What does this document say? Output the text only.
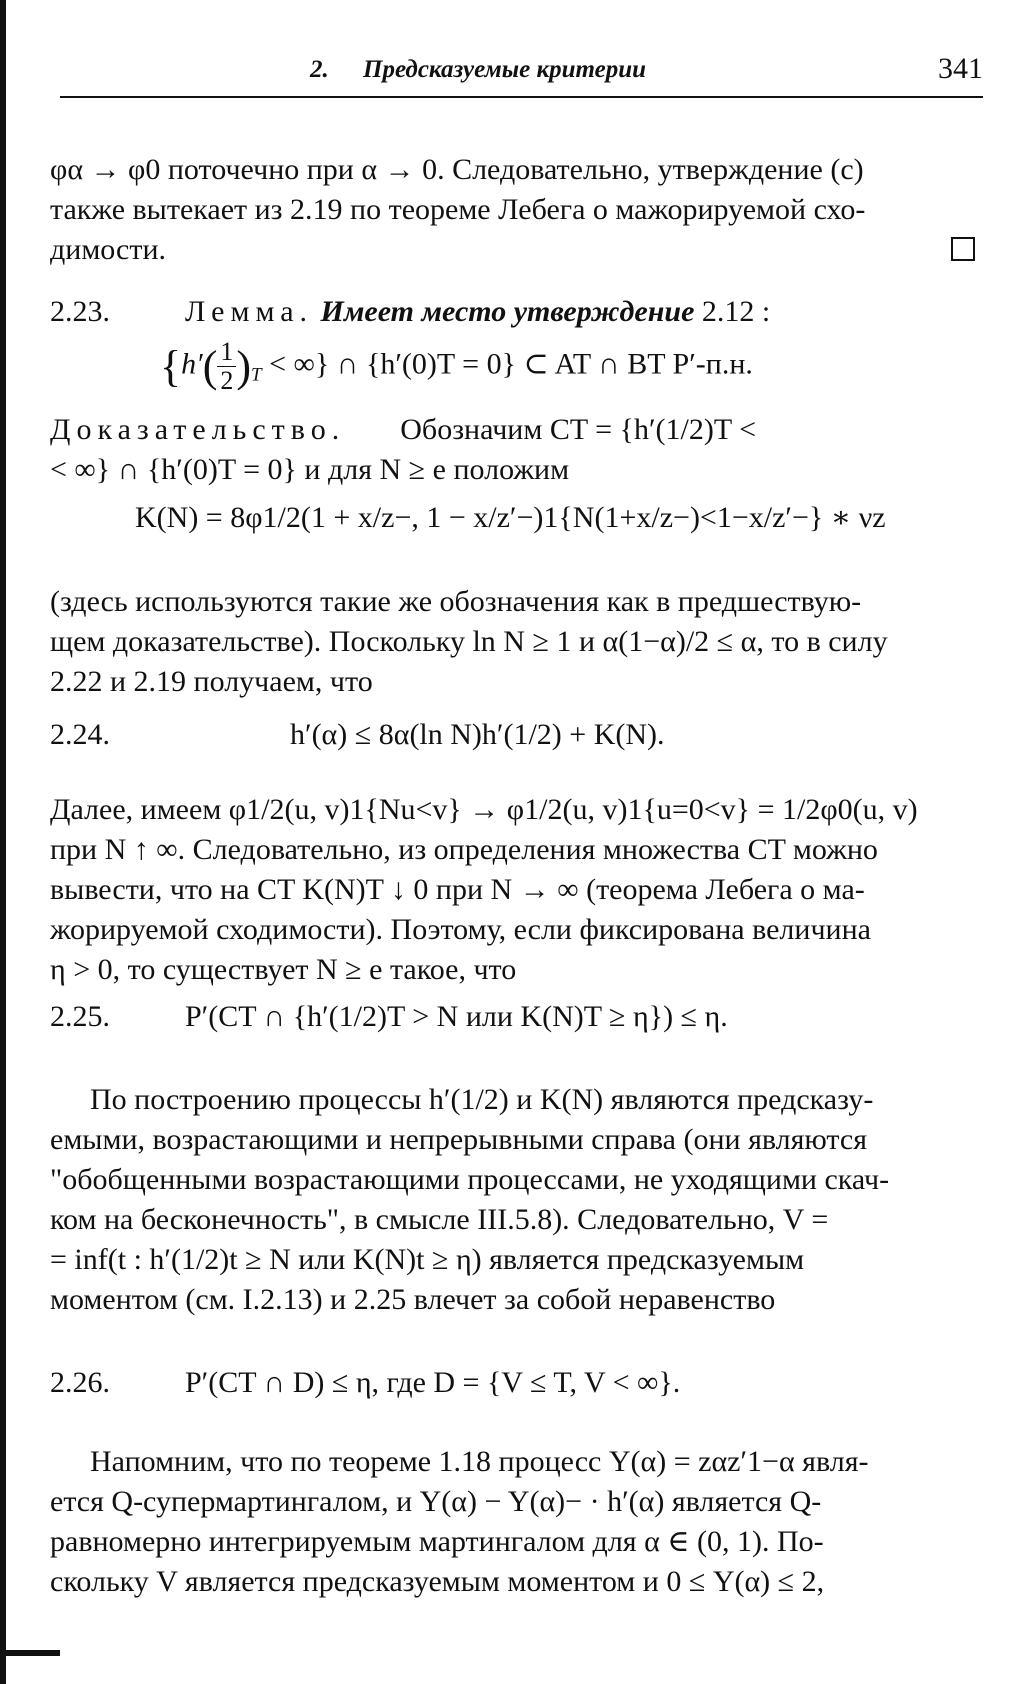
2. Предсказуемые критерии	341

φα → φ0 поточечно при α → 0. Следовательно, утверждение (c)

также вытекает из 2.19 по теореме Лебега о мажорируемой схо-

димости.

2.23.	Лемма. Имеет место утверждение 2.12 :
{$h'( \frac{1}{2} )_T$ < ∞} ∩ {h′(0)T = 0} ⊂ AT ∩ BT P′-п.н.

Доказательство. Обозначим CT = {h′(1/2)T <

< ∞} ∩ {h′(0)T = 0} и для N ≥ e положим

K(N) = 8φ1/2(1 + x/z−, 1 − x/z′−)1{N(1+x/z−)<1−x/z′−} ∗ νz

(здесь используются такие же обозначения как в предшествую-

щем доказательстве). Поскольку ln N ≥ 1 и α(1−α)/2 ≤ α, то в силу

2.22 и 2.19 получаем, что

2.24.	h′(α) ≤ 8α(ln N)h′(1/2) + K(N).

Далее, имеем φ1/2(u, v)1{Nu<v} → φ1/2(u, v)1{u=0<v} = 1/2φ0(u, v)

при N ↑ ∞. Следовательно, из определения множества CT можно

вывести, что на CT K(N)T ↓ 0 при N → ∞ (теорема Лебега о ма-

жорируемой сходимости). Поэтому, если фиксирована величина

η > 0, то существует N ≥ e такое, что

2.25.	P′(CT ∩ {h′(1/2)T > N или K(N)T ≥ η}) ≤ η.

По построению процессы h′(1/2) и K(N) являются предсказу-

емыми, возрастающими и непрерывными справа (они являются

"обобщенными возрастающими процессами, не уходящими скач-

ком на бесконечность", в смысле III.5.8). Следовательно, V =

= inf(t : h′(1/2)t ≥ N или K(N)t ≥ η) является предсказуемым

моментом (см. I.2.13) и 2.25 влечет за собой неравенство

2.26.	P′(CT ∩ D) ≤ η, где D = {V ≤ T, V < ∞}.

Напомним, что по теореме 1.18 процесс Y(α) = zαz′1−α явля-

ется Q-супермартингалом, и Y(α) − Y(α)− · h′(α) является Q-

равномерно интегрируемым мартингалом для α ∈ (0, 1). По-

скольку V является предсказуемым моментом и 0 ≤ Y(α) ≤ 2,
